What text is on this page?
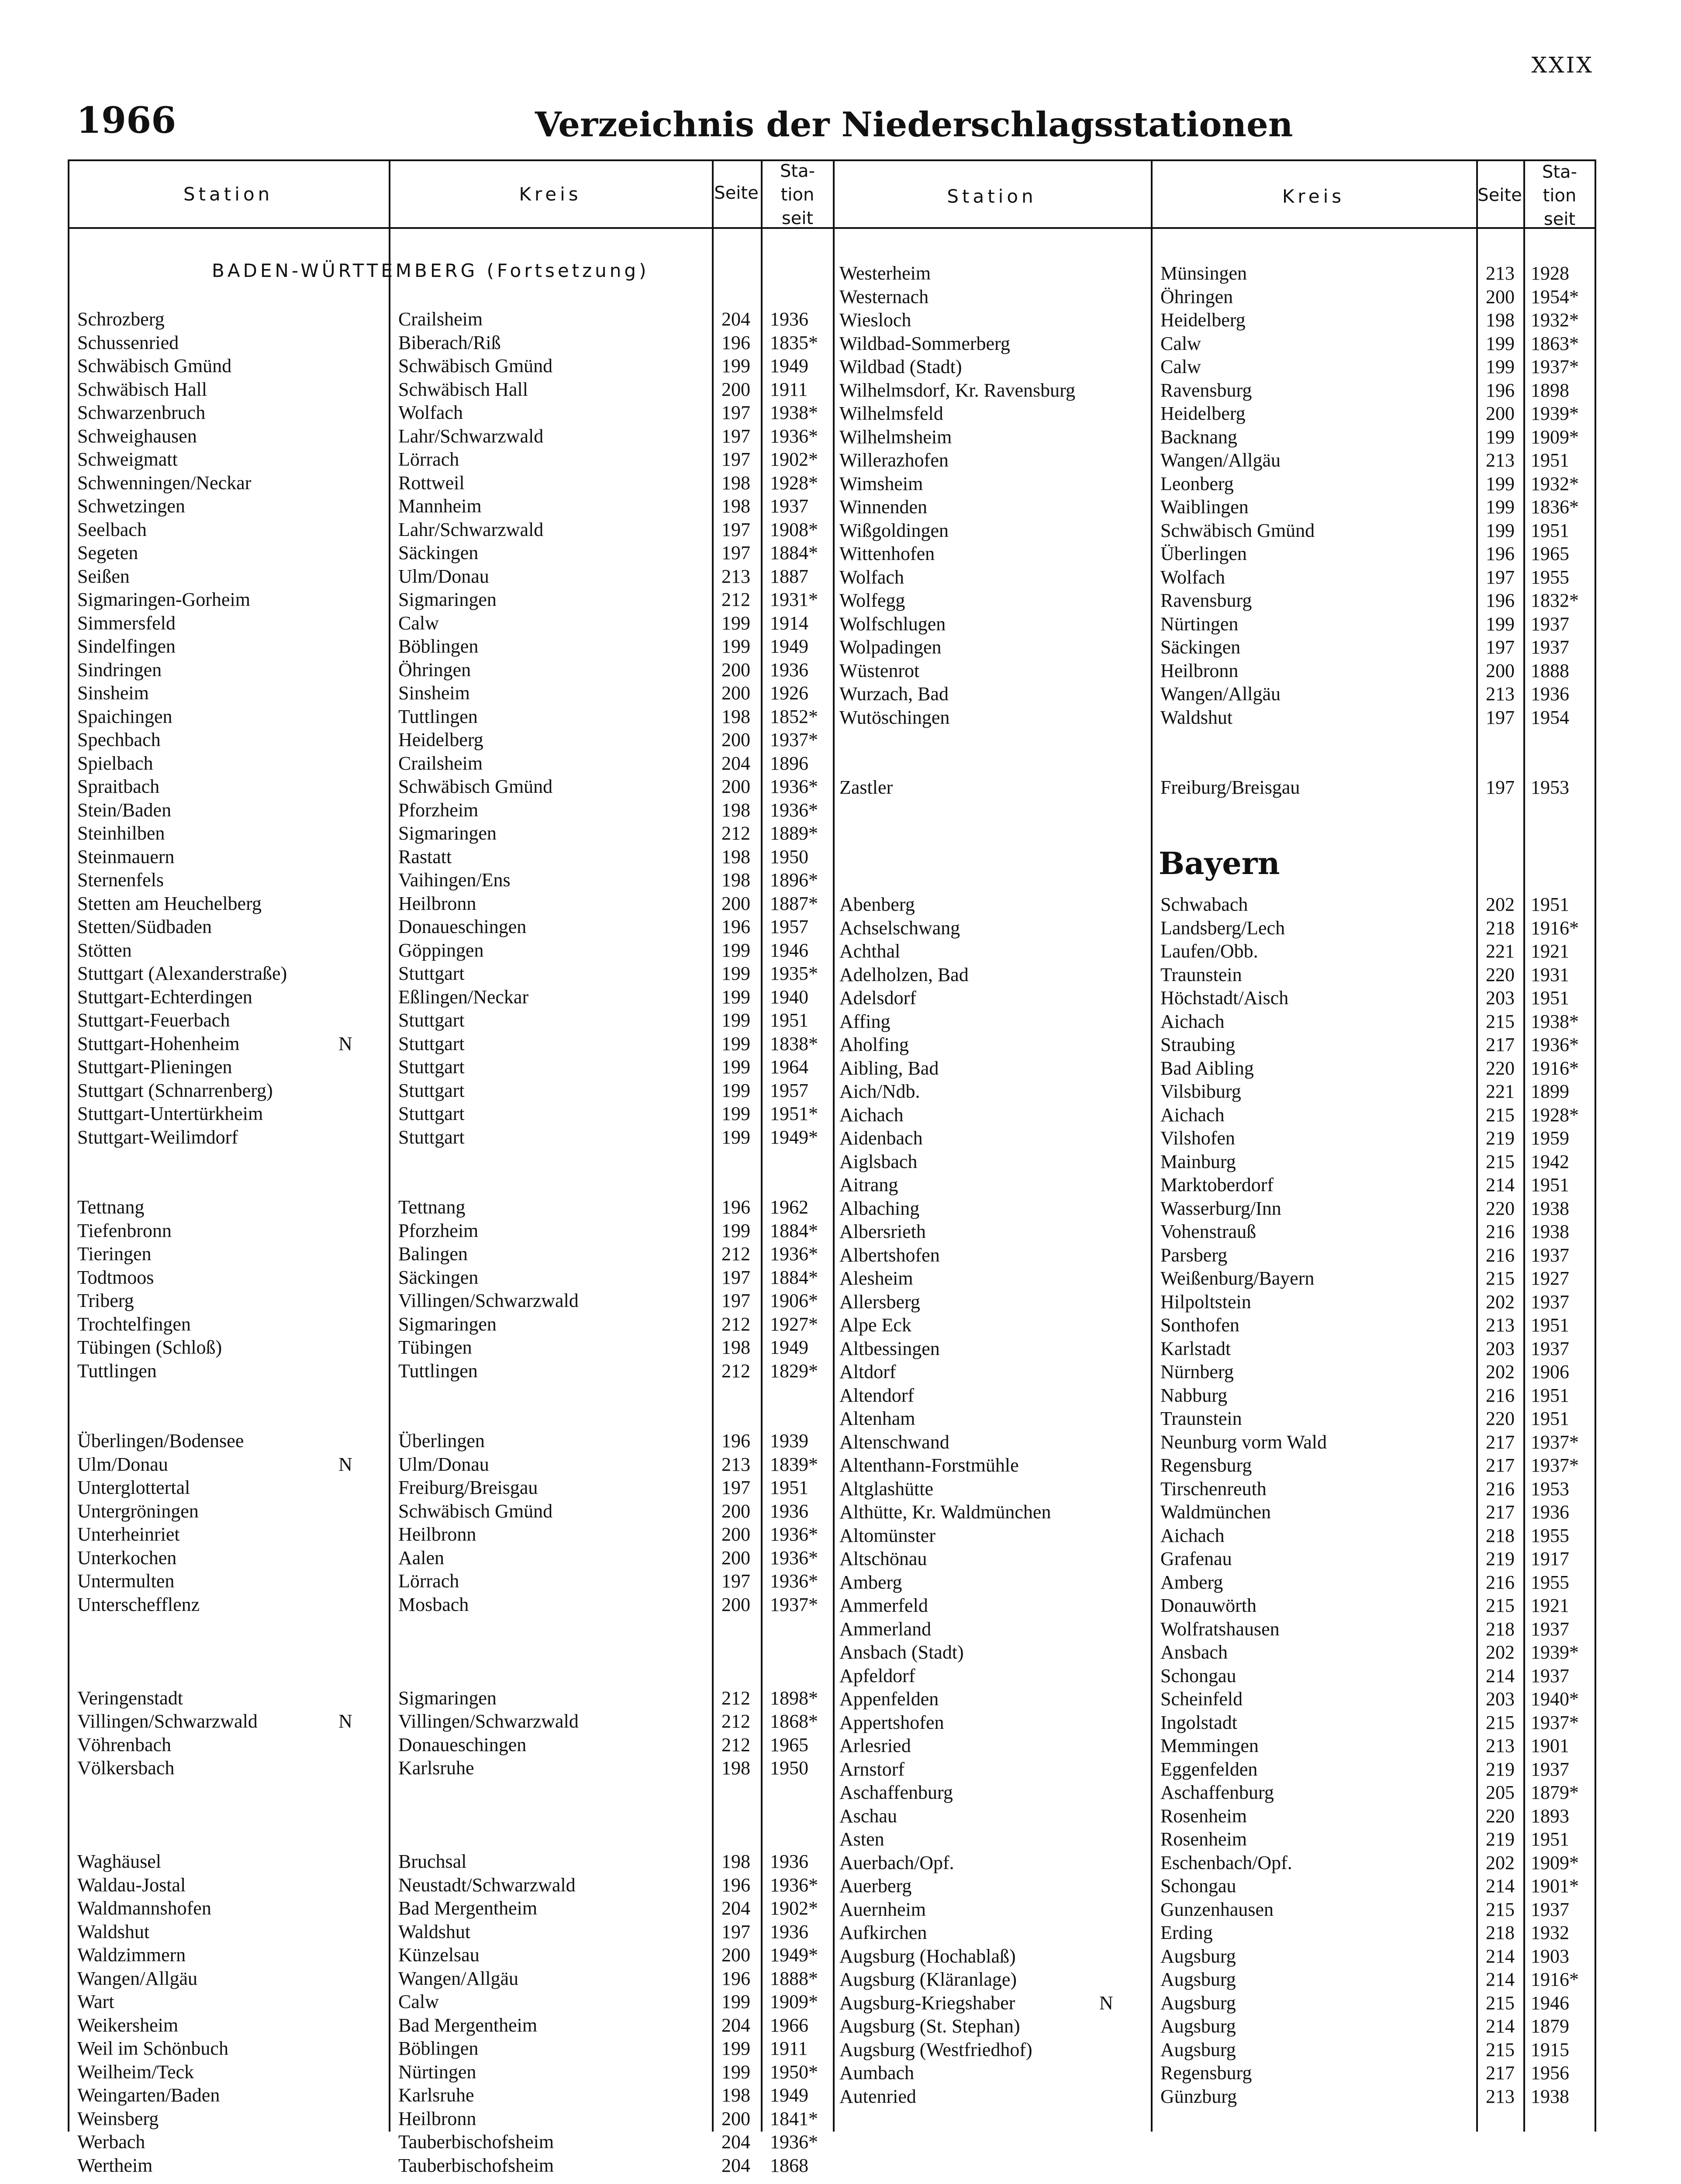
XXIX
1966	Verzeichnis der Niederschlagsstationen
Station	Kreis	Seite
Sta-
tion
seit
Station	Kreis	Seite
Sta-
tion
seit
BADEN-WÜRTTEMBERG (Fortsetzung)
Schrozberg	Crailsheim	204 1936
Schussenried	Biberach/Riß	196 1835*
Schwäbisch Gmünd	Schwäbisch Gmünd	199 1949
Schwäbisch Hall	Schwäbisch Hall	200 1911
Schwarzenbruch	Wolfach	197 1938*
Schweighausen	Lahr/Schwarzwald	197 1936*
Schweigmatt	Lörrach	197 1902*
Schwenningen/Neckar	Rottweil	198 1928*
Schwetzingen	Mannheim	198 1937
Seelbach	Lahr/Schwarzwald	197 1908*
Segeten	Säckingen	197 1884*
Seißen	Ulm/Donau	213 1887
Sigmaringen-Gorheim	Sigmaringen	212 1931*
Simmersfeld	Calw	199 1914
Sindelfingen	Böblingen	199 1949
Sindringen	Öhringen	200 1936
Sinsheim	Sinsheim	200 1926
Spaichingen	Tuttlingen	198 1852*
Spechbach	Heidelberg	200 1937*
Spielbach	Crailsheim	204 1896
Spraitbach	Schwäbisch Gmünd	200 1936*
Stein/Baden	Pforzheim	198 1936*
Steinhilben	Sigmaringen	212 1889*
Steinmauern	Rastatt	198 1950
Sternenfels	Vaihingen/Ens	198 1896*
Stetten am Heuchelberg	Heilbronn	200 1887*
Stetten/Südbaden	Donaueschingen	196 1957
Stötten	Göppingen	199 1946
Stuttgart (Alexanderstraße)	Stuttgart	199 1935*
Stuttgart-Echterdingen	Eßlingen/Neckar	199 1940
Stuttgart-Feuerbach	Stuttgart	199 1951
Stuttgart-Hohenheim	N Stuttgart	199 1838*
Stuttgart-Plieningen	Stuttgart	199 1964
Stuttgart (Schnarrenberg)	Stuttgart	199 1957
Stuttgart-Untertürkheim	Stuttgart	199 1951*
Stuttgart-Weilimdorf	Stuttgart	199 1949*
Tettnang	Tettnang	196 1962
Tiefenbronn	Pforzheim	199 1884*
Tieringen	Balingen	212 1936*
Todtmoos	Säckingen	197 1884*
Triberg	Villingen/Schwarzwald	197 1906*
Trochtelfingen	Sigmaringen	212 1927*
Tübingen (Schloß)	Tübingen	198 1949
Tuttlingen	Tuttlingen	212 1829*
Überlingen/Bodensee	Überlingen	196 1939
Ulm/Donau	N Ulm/Donau	213 1839*
Unterglottertal	Freiburg/Breisgau	197 1951
Untergröningen	Schwäbisch Gmünd	200 1936
Unterheinriet	Heilbronn	200 1936*
Unterkochen	Aalen	200 1936*
Untermulten	Lörrach	197 1936*
Unterschefflenz	Mosbach	200 1937*
Veringenstadt	Sigmaringen	212 1898*
Villingen/Schwarzwald	N Villingen/Schwarzwald	212 1868*
Vöhrenbach	Donaueschingen	212 1965
Völkersbach	Karlsruhe	198 1950
Waghäusel	Bruchsal	198 1936
Waldau-Jostal	Neustadt/Schwarzwald	196 1936*
Waldmannshofen	Bad Mergentheim	204 1902*
Waldshut	Waldshut	197 1936
Waldzimmern	Künzelsau	200 1949*
Wangen/Allgäu	Wangen/Allgäu	196 1888*
Wart	Calw	199 1909*
Weikersheim	Bad Mergentheim	204 1966
Weil im Schönbuch	Böblingen	199 1911
Weilheim/Teck	Nürtingen	199 1950*
Weingarten/Baden	Karlsruhe	198 1949
Weinsberg	Heilbronn	200 1841*
Werbach	Tauberbischofsheim	204 1936*
Wertheim	Tauberbischofsheim	204 1868
Westerheim	Münsingen	213 1928
Westernach	Öhringen	200 1954*
Wiesloch	Heidelberg	198 1932*
Wildbad-Sommerberg	Calw	199 1863*
Wildbad (Stadt)	Calw	199 1937*
Wilhelmsdorf, Kr. Ravensburg	Ravensburg	196 1898
Wilhelmsfeld	Heidelberg	200 1939*
Wilhelmsheim	Backnang	199 1909*
Willerazhofen	Wangen/Allgäu	213 1951
Wimsheim	Leonberg	199 1932*
Winnenden	Waiblingen	199 1836*
Wißgoldingen	Schwäbisch Gmünd	199 1951
Wittenhofen	Überlingen	196 1965
Wolfach	Wolfach	197 1955
Wolfegg	Ravensburg	196 1832*
Wolfschlugen	Nürtingen	199 1937
Wolpadingen	Säckingen	197 1937
Wüstenrot	Heilbronn	200 1888
Wurzach, Bad	Wangen/Allgäu	213 1936
Wutöschingen	Waldshut	197 1954
Zastler	Freiburg/Breisgau	197 1953
Bayern
Abenberg	Schwabach	202 1951
Achselschwang	Landsberg/Lech	218 1916*
Achthal	Laufen/Obb.	221 1921
Adelholzen, Bad	Traunstein	220 1931
Adelsdorf	Höchstadt/Aisch	203 1951
Affing	Aichach	215 1938*
Aholfing	Straubing	217 1936*
Aibling, Bad	Bad Aibling	220 1916*
Aich/Ndb.	Vilsbiburg	221 1899
Aichach	Aichach	215 1928*
Aidenbach	Vilshofen	219 1959
Aiglsbach	Mainburg	215 1942
Aitrang	Marktoberdorf	214 1951
Albaching	Wasserburg/Inn	220 1938
Albersrieth	Vohenstrauß	216 1938
Albertshofen	Parsberg	216 1937
Alesheim	Weißenburg/Bayern	215 1927
Allersberg	Hilpoltstein	202 1937
Alpe Eck	Sonthofen	213 1951
Altbessingen	Karlstadt	203 1937
Altdorf	Nürnberg	202 1906
Altendorf	Nabburg	216 1951
Altenham	Traunstein	220 1951
Altenschwand	Neunburg vorm Wald	217 1937*
Altenthann-Forstmühle	Regensburg	217 1937*
Altglashütte	Tirschenreuth	216 1953
Althütte, Kr. Waldmünchen	Waldmünchen	217 1936
Altomünster	Aichach	218 1955
Altschönau	Grafenau	219 1917
Amberg	Amberg	216 1955
Ammerfeld	Donauwörth	215 1921
Ammerland	Wolfratshausen	218 1937
Ansbach (Stadt)	Ansbach	202 1939*
Apfeldorf	Schongau	214 1937
Appenfelden	Scheinfeld	203 1940*
Appertshofen	Ingolstadt	215 1937*
Arlesried	Memmingen	213 1901
Arnstorf	Eggenfelden	219 1937
Aschaffenburg	Aschaffenburg	205 1879*
Aschau	Rosenheim	220 1893
Asten	Rosenheim	219 1951
Auerbach/Opf.	Eschenbach/Opf.	202 1909*
Auerberg	Schongau	214 1901*
Auernheim	Gunzenhausen	215 1937
Aufkirchen	Erding	218 1932
Augsburg (Hochablaß)	Augsburg	214 1903
Augsburg (Kläranlage)	Augsburg	214 1916*
Augsburg-Kriegshaber	N Augsburg	215 1946
Augsburg (St. Stephan)	Augsburg	214 1879
Augsburg (Westfriedhof)	Augsburg	215 1915
Aumbach	Regensburg	217 1956
Autenried	Günzburg	213 1938
